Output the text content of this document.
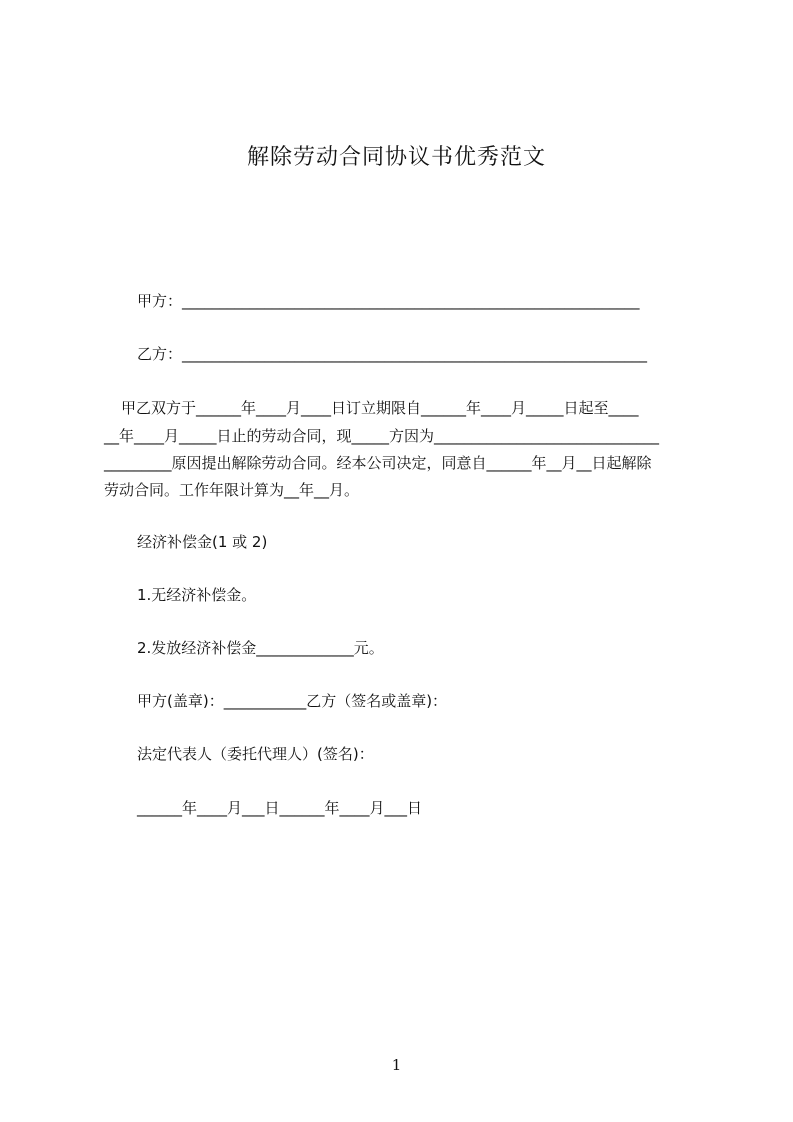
解除劳动合同协议书优秀范文
甲方：_____________________________________________________________
乙方：______________________________________________________________
　甲乙双方于______年____月____日订立期限自______年____月_____日起至____
__年____月_____日止的劳动合同，现_____方因为______________________________
_________原因提出解除劳动合同。经本公司决定，同意自______年__月__日起解除
劳动合同。工作年限计算为__年__月。
经济补偿金(1 或 2)
1.无经济补偿金。
2.发放经济补偿金_____________元。
甲方(盖章)：___________乙方（签名或盖章)：
法定代表人（委托代理人）(签名)：
______年____月___日______年____月___日
1
